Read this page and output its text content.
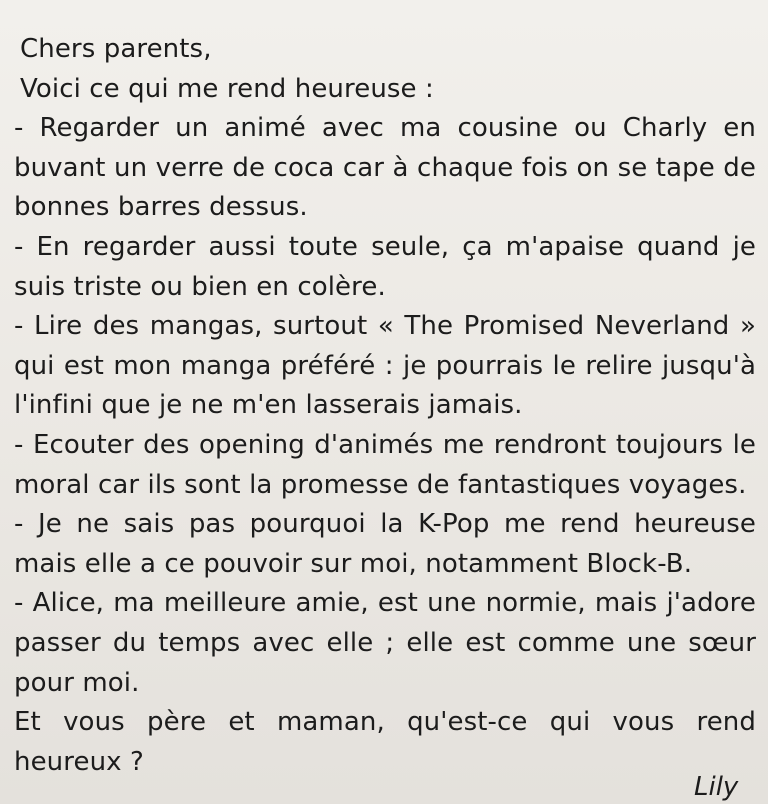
Chers parents,
Voici ce qui me rend heureuse :
- Regarder un animé avec ma cousine ou Charly en
buvant un verre de coca car à chaque fois on se tape de
bonnes barres dessus.
- En regarder aussi toute seule, ça m'apaise quand je
suis triste ou bien en colère.
- Lire des mangas, surtout « The Promised Neverland »
qui est mon manga préféré : je pourrais le relire jusqu'à
l'infini que je ne m'en lasserais jamais.
- Ecouter des opening d'animés me rendront toujours le
moral car ils sont la promesse de fantastiques voyages.
- Je ne sais pas pourquoi la K-Pop me rend heureuse
mais elle a ce pouvoir sur moi, notamment Block-B.
- Alice, ma meilleure amie, est une normie, mais j'adore
passer du temps avec elle ; elle est comme une sœur
pour moi.
Et vous père et maman, qu'est-ce qui vous rend
heureux ?
Lily
